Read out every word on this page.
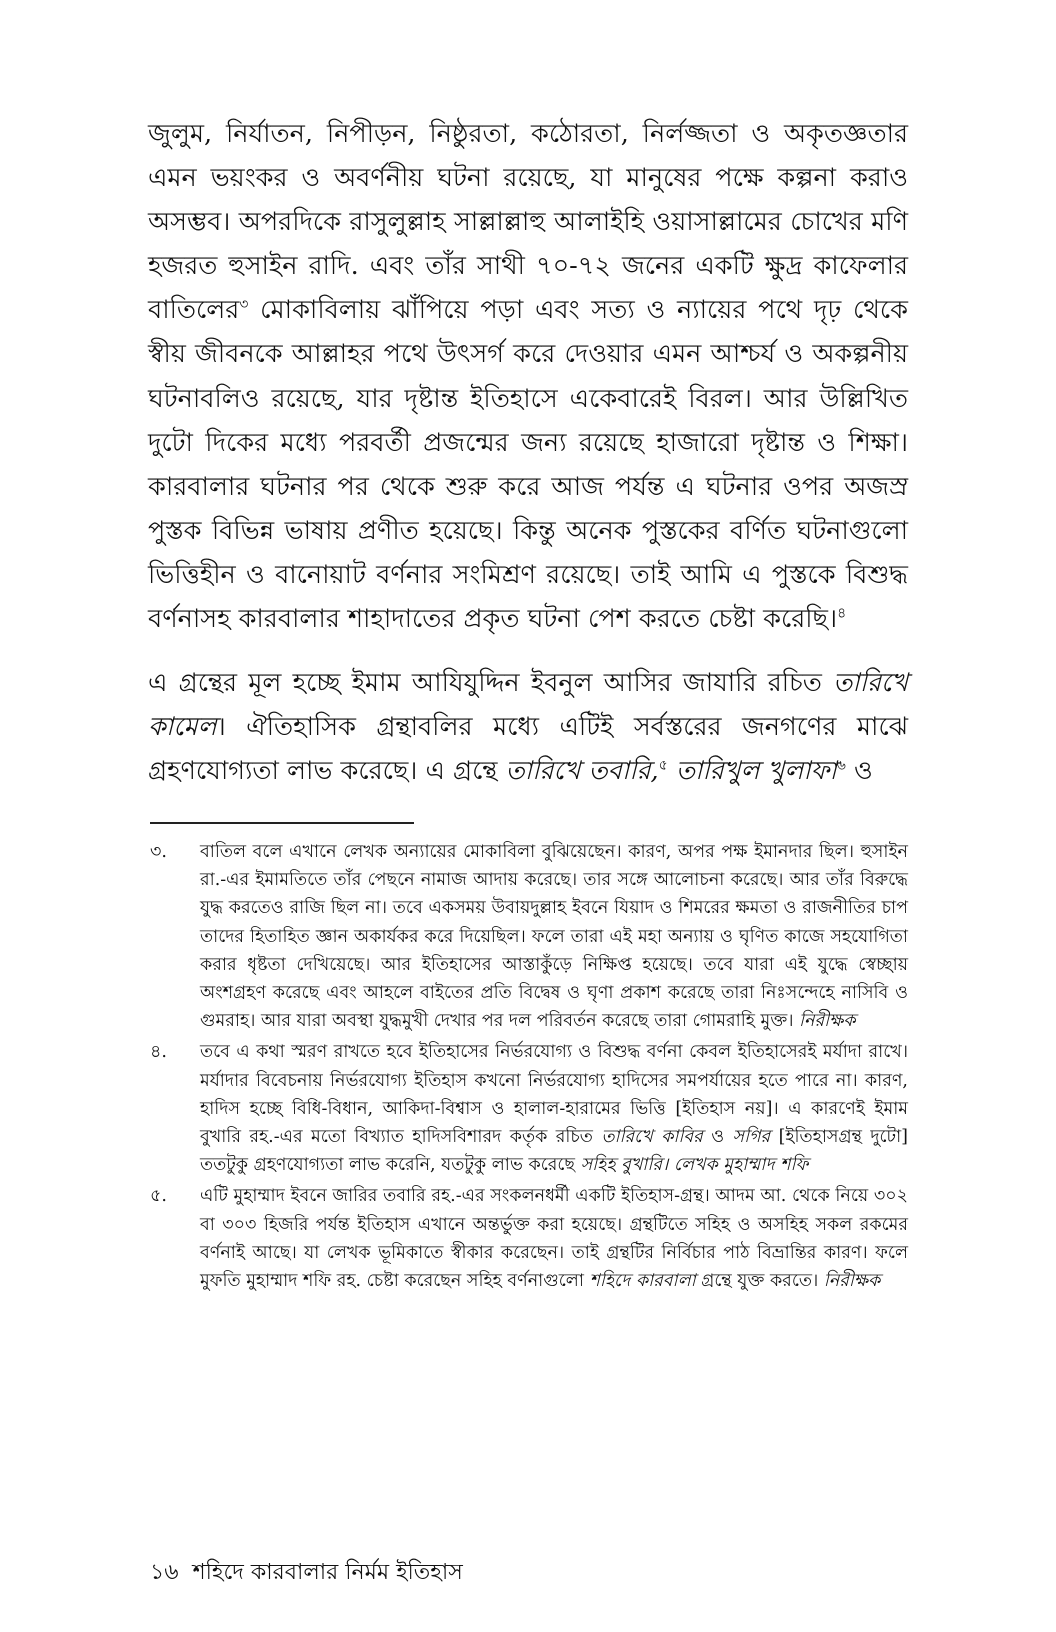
জুলুম, নির্যাতন, নিপীড়ন, নিষ্ঠুরতা, কঠোরতা, নির্লজ্জতা ও অকৃতজ্ঞতার এমন ভয়ংকর ও অবর্ণনীয় ঘটনা রয়েছে, যা মানুষের পক্ষে কল্পনা করাও অসম্ভব। অপরদিকে রাসুলুল্লাহ সাল্লাল্লাহু আলাইহি ওয়াসাল্লামের চোখের মণি হজরত হুসাইন রাদি. এবং তাঁর সাথী ৭০-৭২ জনের একটি ক্ষুদ্র কাফেলার বাতিলের$^৩$ মোকাবিলায় ঝাঁপিয়ে পড়া এবং সত্য ও ন্যায়ের পথে দৃঢ় থেকে স্বীয় জীবনকে আল্লাহর পথে উৎসর্গ করে দেওয়ার এমন আশ্চর্য ও অকল্পনীয় ঘটনাবলিও রয়েছে, যার দৃষ্টান্ত ইতিহাসে একেবারেই বিরল। আর উল্লিখিত দুটো দিকের মধ্যে পরবর্তী প্রজন্মের জন্য রয়েছে হাজারো দৃষ্টান্ত ও শিক্ষা। কারবালার ঘটনার পর থেকে শুরু করে আজ পর্যন্ত এ ঘটনার ওপর অজস্র পুস্তক বিভিন্ন ভাষায় প্রণীত হয়েছে। কিন্তু অনেক পুস্তকের বর্ণিত ঘটনাগুলো ভিত্তিহীন ও বানোয়াট বর্ণনার সংমিশ্রণ রয়েছে। তাই আমি এ পুস্তকে বিশুদ্ধ বর্ণনাসহ কারবালার শাহাদাতের প্রকৃত ঘটনা পেশ করতে চেষ্টা করেছি।$^৪$

এ গ্রন্থের মূল হচ্ছে ইমাম আযিযুদ্দিন ইবনুল আসির জাযারি রচিত তারিখে কামেল। ঐতিহাসিক গ্রন্থাবলির মধ্যে এটিই সর্বস্তরের জনগণের মাঝে গ্রহণযোগ্যতা লাভ করেছে। এ গ্রন্থে তারিখে তবারি,$^৫$ তারিখুল খুলাফা$^৬$ ও

৩.	বাতিল বলে এখানে লেখক অন্যায়ের মোকাবিলা বুঝিয়েছেন। কারণ, অপর পক্ষ ইমানদার ছিল। হুসাইন রা.-এর ইমামতিতে তাঁর পেছনে নামাজ আদায় করেছে। তার সঙ্গে আলোচনা করেছে। আর তাঁর বিরুদ্ধে যুদ্ধ করতেও রাজি ছিল না। তবে একসময় উবায়দুল্লাহ ইবনে যিয়াদ ও শিমরের ক্ষমতা ও রাজনীতির চাপ তাদের হিতাহিত জ্ঞান অকার্যকর করে দিয়েছিল। ফলে তারা এই মহা অন্যায় ও ঘৃণিত কাজে সহযোগিতা করার ধৃষ্টতা দেখিয়েছে। আর ইতিহাসের আস্তাকুঁড়ে নিক্ষিপ্ত হয়েছে। তবে যারা এই যুদ্ধে স্বেচ্ছায় অংশগ্রহণ করেছে এবং আহলে বাইতের প্রতি বিদ্বেষ ও ঘৃণা প্রকাশ করেছে তারা নিঃসন্দেহে নাসিবি ও গুমরাহ। আর যারা অবস্থা যুদ্ধমুখী দেখার পর দল পরিবর্তন করেছে তারা গোমরাহি মুক্ত। নিরীক্ষক
৪.	তবে এ কথা স্মরণ রাখতে হবে ইতিহাসের নির্ভরযোগ্য ও বিশুদ্ধ বর্ণনা কেবল ইতিহাসেরই মর্যাদা রাখে। মর্যাদার বিবেচনায় নির্ভরযোগ্য ইতিহাস কখনো নির্ভরযোগ্য হাদিসের সমপর্যায়ের হতে পারে না। কারণ, হাদিস হচ্ছে বিধি-বিধান, আকিদা-বিশ্বাস ও হালাল-হারামের ভিত্তি [ইতিহাস নয়]। এ কারণেই ইমাম বুখারি রহ.-এর মতো বিখ্যাত হাদিসবিশারদ কর্তৃক রচিত তারিখে কাবির ও সগির [ইতিহাসগ্রন্থ দুটো] ততটুকু গ্রহণযোগ্যতা লাভ করেনি, যতটুকু লাভ করেছে সহিহ বুখারি। লেখক মুহাম্মাদ শফি
৫.	এটি মুহাম্মাদ ইবনে জারির তবারি রহ.-এর সংকলনধর্মী একটি ইতিহাস-গ্রন্থ। আদম আ. থেকে নিয়ে ৩০২ বা ৩০৩ হিজরি পর্যন্ত ইতিহাস এখানে অন্তর্ভুক্ত করা হয়েছে। গ্রন্থটিতে সহিহ ও অসহিহ সকল রকমের বর্ণনাই আছে। যা লেখক ভূমিকাতে স্বীকার করেছেন। তাই গ্রন্থটির নির্বিচার পাঠ বিভ্রান্তির কারণ। ফলে মুফতি মুহাম্মাদ শফি রহ. চেষ্টা করেছেন সহিহ বর্ণনাগুলো শহিদে কারবালা গ্রন্থে যুক্ত করতে। নিরীক্ষক
১৬ শহিদে কারবালার নির্মম ইতিহাস
